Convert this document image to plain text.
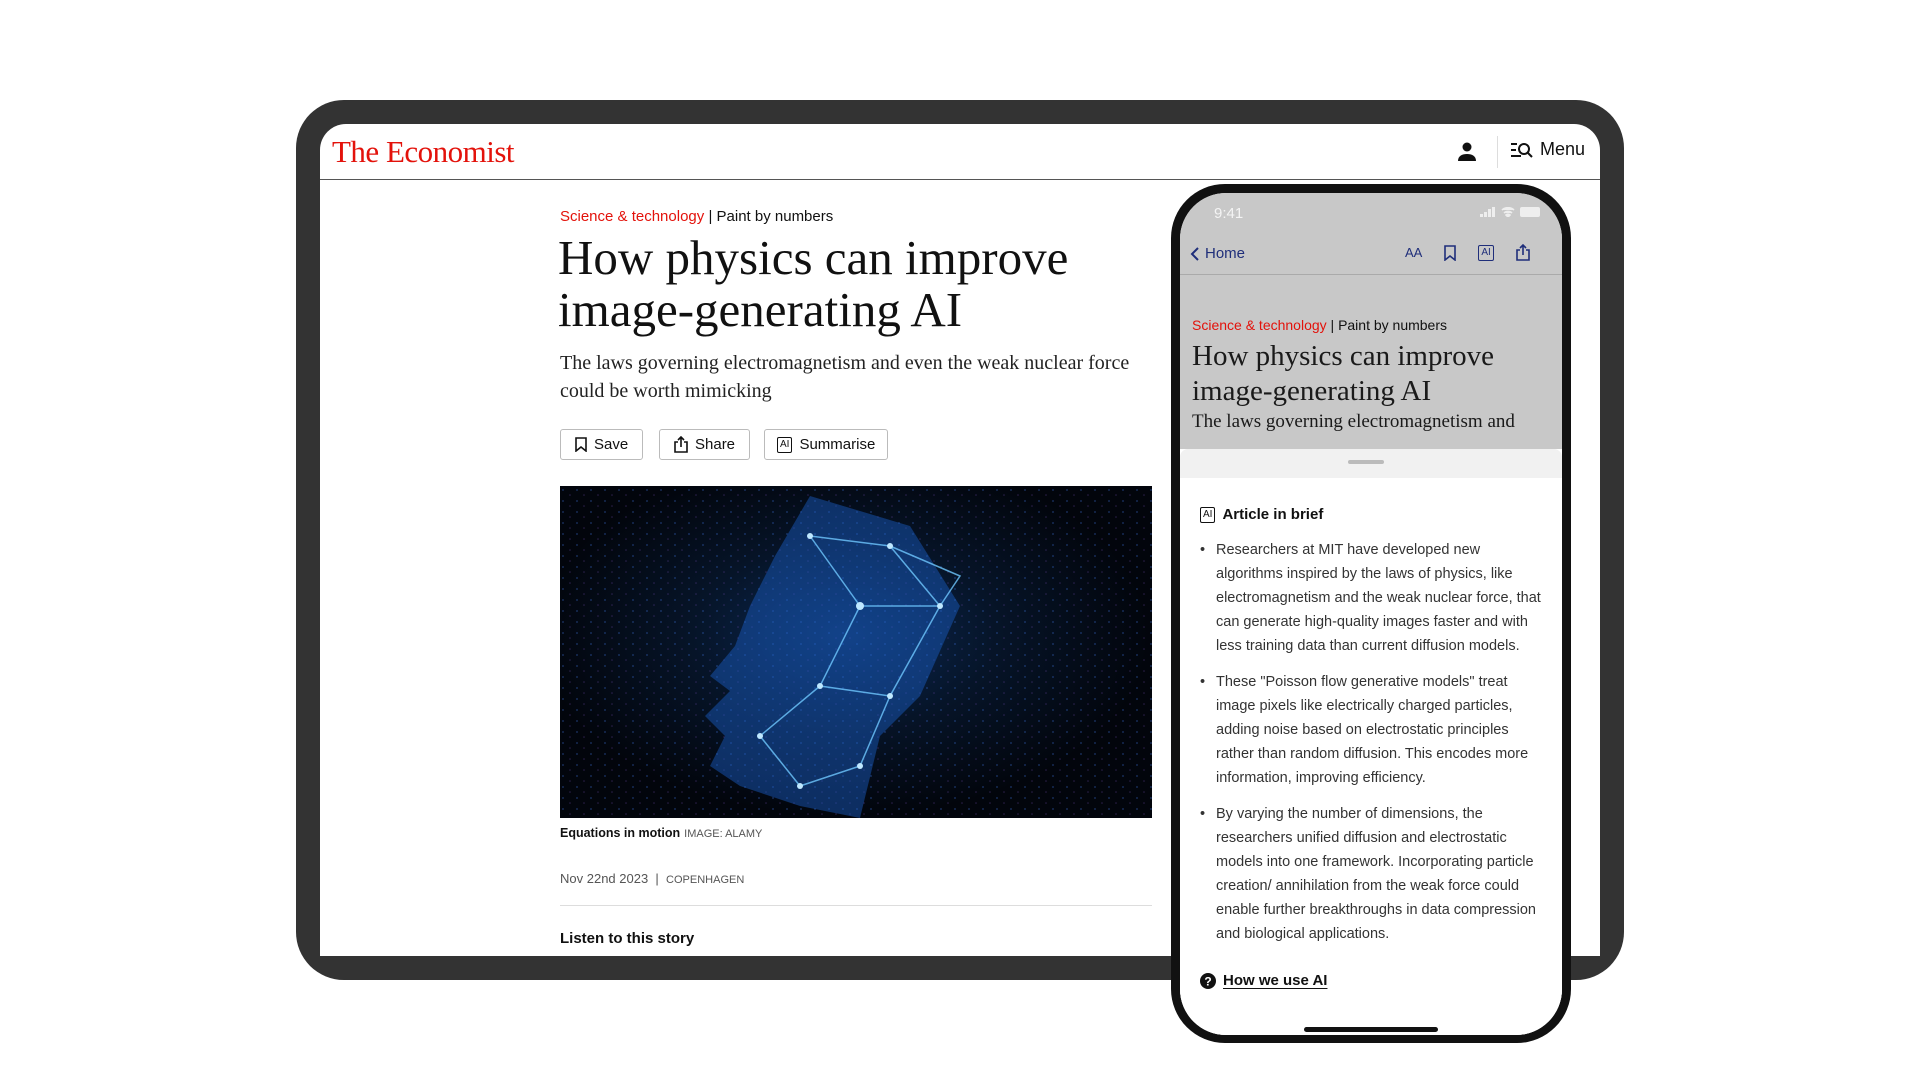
The Economist	Menu
Science & technology | Paint by numbers
How physics can improve image-generating AI

The laws governing electromagnetism and even the weak nuclear force could be worth mimicking

Save	Share	AI Summarise
Equations in motion IMAGE: ALAMY
Nov 22nd 2023 | COPENHAGEN
Listen to this story
9:41
Home	AA	AI
Science & technology | Paint by numbers
How physics can improve image-generating AI
The laws governing electromagnetism and
AI Article in brief
• Researchers at MIT have developed new algorithms inspired by the laws of physics, like electromagnetism and the weak nuclear force, that can generate high-quality images faster and with less training data than current diffusion models.
• These "Poisson flow generative models" treat image pixels like electrically charged particles, adding noise based on electrostatic principles rather than random diffusion. This encodes more information, improving efficiency.
• By varying the number of dimensions, the researchers unified diffusion and electrostatic models into one framework. Incorporating particle creation/ annihilation from the weak force could enable further breakthroughs in data compression and biological applications.
? How we use AI
